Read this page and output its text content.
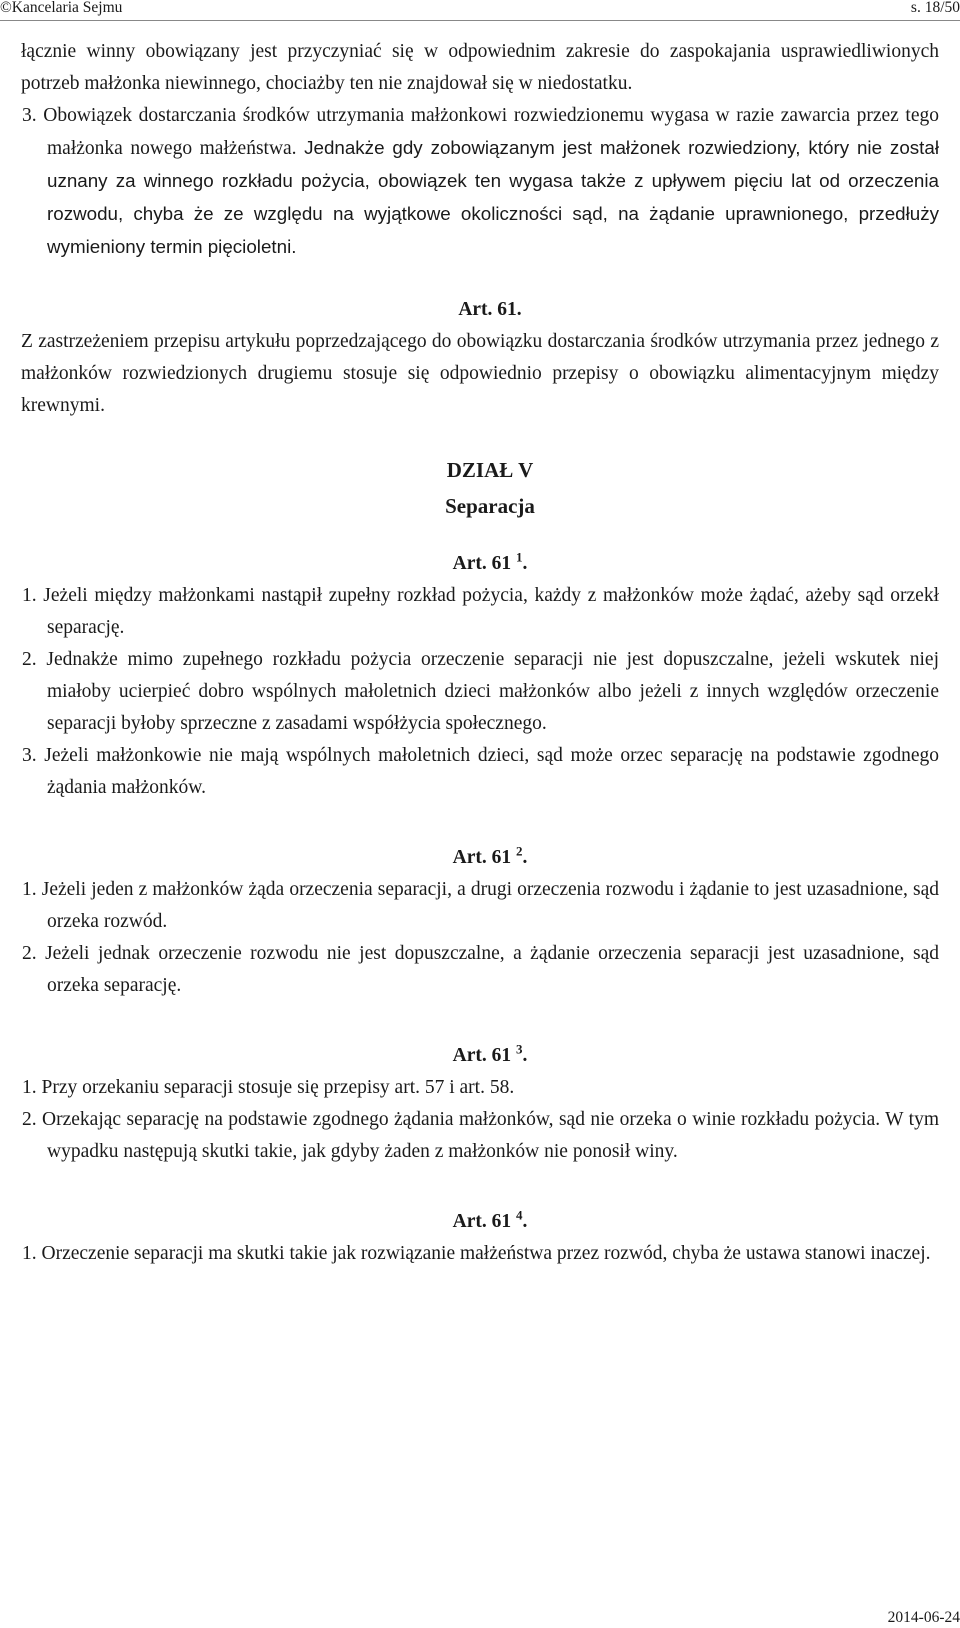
©Kancelaria Sejmu	s. 18/50

łącznie winny obowiązany jest przyczyniać się w odpowiednim zakresie do zaspokajania usprawiedliwionych potrzeb małżonka niewinnego, chociażby ten nie znajdował się w niedostatku.

3. Obowiązek dostarczania środków utrzymania małżonkowi rozwiedzionemu wygasa w razie zawarcia przez tego małżonka nowego małżeństwa. Jednakże gdy zobowiązanym jest małżonek rozwiedziony, który nie został uznany za winnego rozkładu pożycia, obowiązek ten wygasa także z upływem pięciu lat od orzeczenia rozwodu, chyba że ze względu na wyjątkowe okoliczności sąd, na żądanie uprawnionego, przedłuży wymieniony termin pięcioletni.

Art. 61.

Z zastrzeżeniem przepisu artykułu poprzedzającego do obowiązku dostarczania środków utrzymania przez jednego z małżonków rozwiedzionych drugiemu stosuje się odpowiednio przepisy o obowiązku alimentacyjnym między krewnymi.

DZIAŁ V

Separacja

Art. 61 $^1$.

1. Jeżeli między małżonkami nastąpił zupełny rozkład pożycia, każdy z małżonków może żądać, ażeby sąd orzekł separację.

2. Jednakże mimo zupełnego rozkładu pożycia orzeczenie separacji nie jest dopuszczalne, jeżeli wskutek niej miałoby ucierpieć dobro wspólnych małoletnich dzieci małżonków albo jeżeli z innych względów orzeczenie separacji byłoby sprzeczne z zasadami współżycia społecznego.

3. Jeżeli małżonkowie nie mają wspólnych małoletnich dzieci, sąd może orzec separację na podstawie zgodnego żądania małżonków.

Art. 61 $^2$.

1. Jeżeli jeden z małżonków żąda orzeczenia separacji, a drugi orzeczenia rozwodu i żądanie to jest uzasadnione, sąd orzeka rozwód.

2. Jeżeli jednak orzeczenie rozwodu nie jest dopuszczalne, a żądanie orzeczenia separacji jest uzasadnione, sąd orzeka separację.

Art. 61 $^3$.

1. Przy orzekaniu separacji stosuje się przepisy art. 57 i art. 58.

2. Orzekając separację na podstawie zgodnego żądania małżonków, sąd nie orzeka o winie rozkładu pożycia. W tym wypadku następują skutki takie, jak gdyby żaden z małżonków nie ponosił winy.

Art. 61 $^4$.

1. Orzeczenie separacji ma skutki takie jak rozwiązanie małżeństwa przez rozwód, chyba że ustawa stanowi inaczej.

2014-06-24
